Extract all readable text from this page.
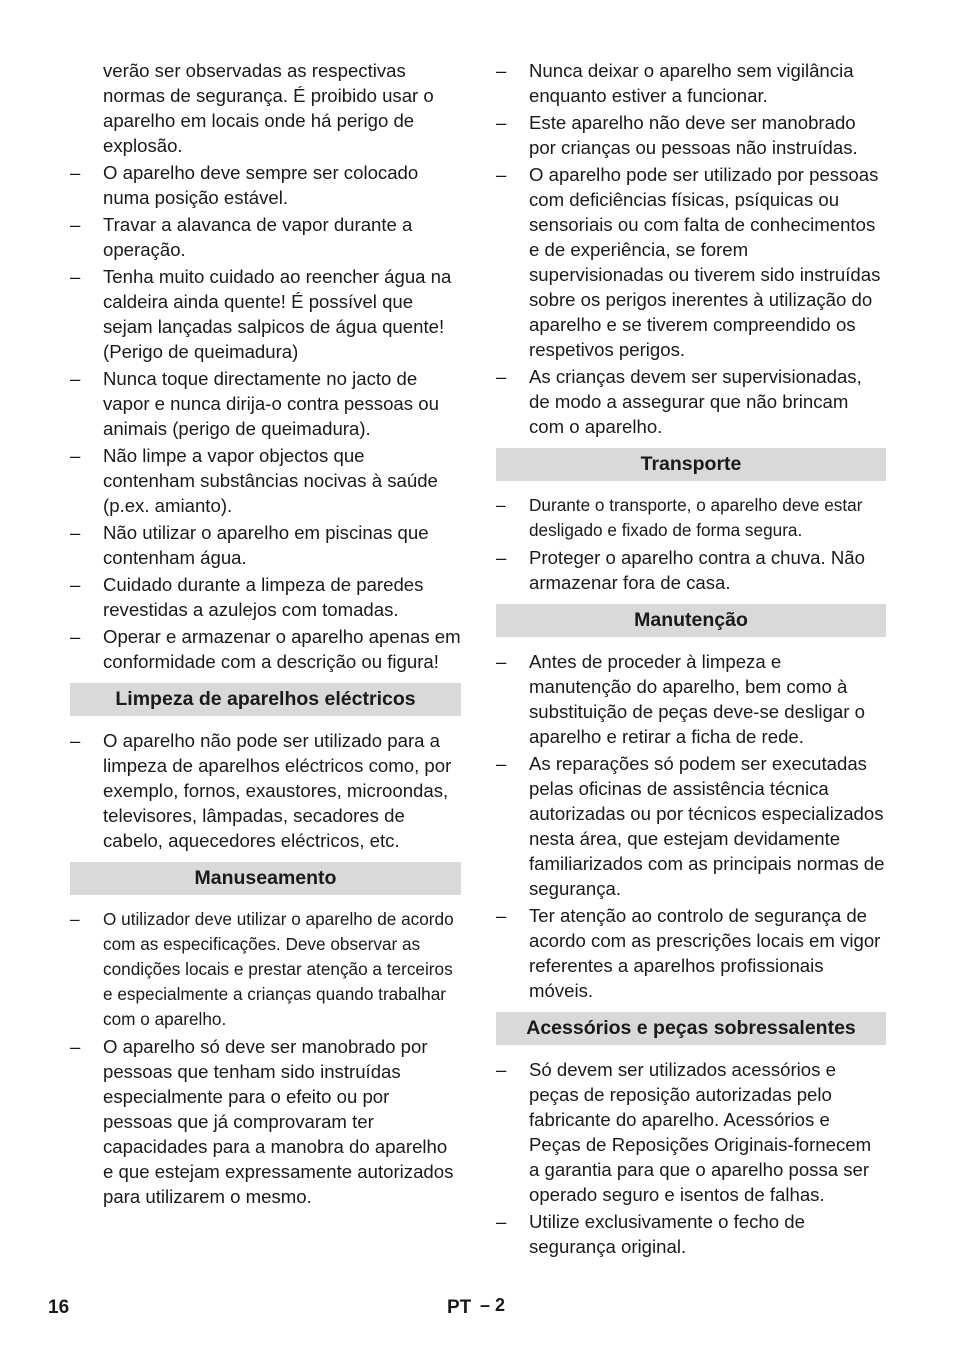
verão ser observadas as respectivas normas de segurança. É proibido usar o aparelho em locais onde há perigo de explosão.

–	O aparelho deve sempre ser colocado numa posição estável.
–	Travar a alavanca de vapor durante a operação.
–	Tenha muito cuidado ao reencher água na caldeira ainda quente! É possível que sejam lançadas salpicos de água quente! (Perigo de queimadura)
–	Nunca toque directamente no jacto de vapor e nunca dirija-o contra pessoas ou animais (perigo de queimadura).
–	Não limpe a vapor objectos que contenham substâncias nocivas à saúde (p.ex. amianto).
–	Não utilizar o aparelho em piscinas que contenham água.
–	Cuidado durante a limpeza de paredes revestidas a azulejos com tomadas.
–	Operar e armazenar o aparelho apenas em conformidade com a descrição ou figura!
Limpeza de aparelhos eléctricos
–	O aparelho não pode ser utilizado para a limpeza de aparelhos eléctricos como, por exemplo, fornos, exaustores, microondas, televisores, lâmpadas, secadores de cabelo, aquecedores eléctricos, etc.
Manuseamento
–	O utilizador deve utilizar o aparelho de acordo com as especificações. Deve observar as condições locais e prestar atenção a terceiros e especialmente a crianças quando trabalhar com o aparelho.
–	O aparelho só deve ser manobrado por pessoas que tenham sido instruídas especialmente para o efeito ou por pessoas que já comprovaram ter capacidades para a manobra do aparelho e que estejam expressamente autorizados para utilizarem o mesmo.
–	Nunca deixar o aparelho sem vigilância enquanto estiver a funcionar.
–	Este aparelho não deve ser manobrado por crianças ou pessoas não instruídas.
–	O aparelho pode ser utilizado por pessoas com deficiências físicas, psíquicas ou sensoriais ou com falta de conhecimentos e de experiência, se forem supervisionadas ou tiverem sido instruídas sobre os perigos inerentes à utilização do aparelho e se tiverem compreendido os respetivos perigos.
–	As crianças devem ser supervisionadas, de modo a assegurar que não brincam com o aparelho.
Transporte
–	Durante o transporte, o aparelho deve estar desligado e fixado de forma segura.
–	Proteger o aparelho contra a chuva. Não armazenar fora de casa.
Manutenção
–	Antes de proceder à limpeza e manutenção do aparelho, bem como à substituição de peças deve-se desligar o aparelho e retirar a ficha de rede.
–	As reparações só podem ser executadas pelas oficinas de assistência técnica autorizadas ou por técnicos especializados nesta área, que estejam devidamente familiarizados com as principais normas de segurança.
–	Ter atenção ao controlo de segurança de acordo com as prescrições locais em vigor referentes a aparelhos profissionais móveis.
Acessórios e peças sobressalentes
–	Só devem ser utilizados acessórios e peças de reposição autorizadas pelo fabricante do aparelho. Acessórios e Peças de Reposições Originais-fornecem a garantia para que o aparelho possa ser operado seguro e isentos de falhas.
–	Utilize exclusivamente o fecho de segurança original.
16	PT – 2
